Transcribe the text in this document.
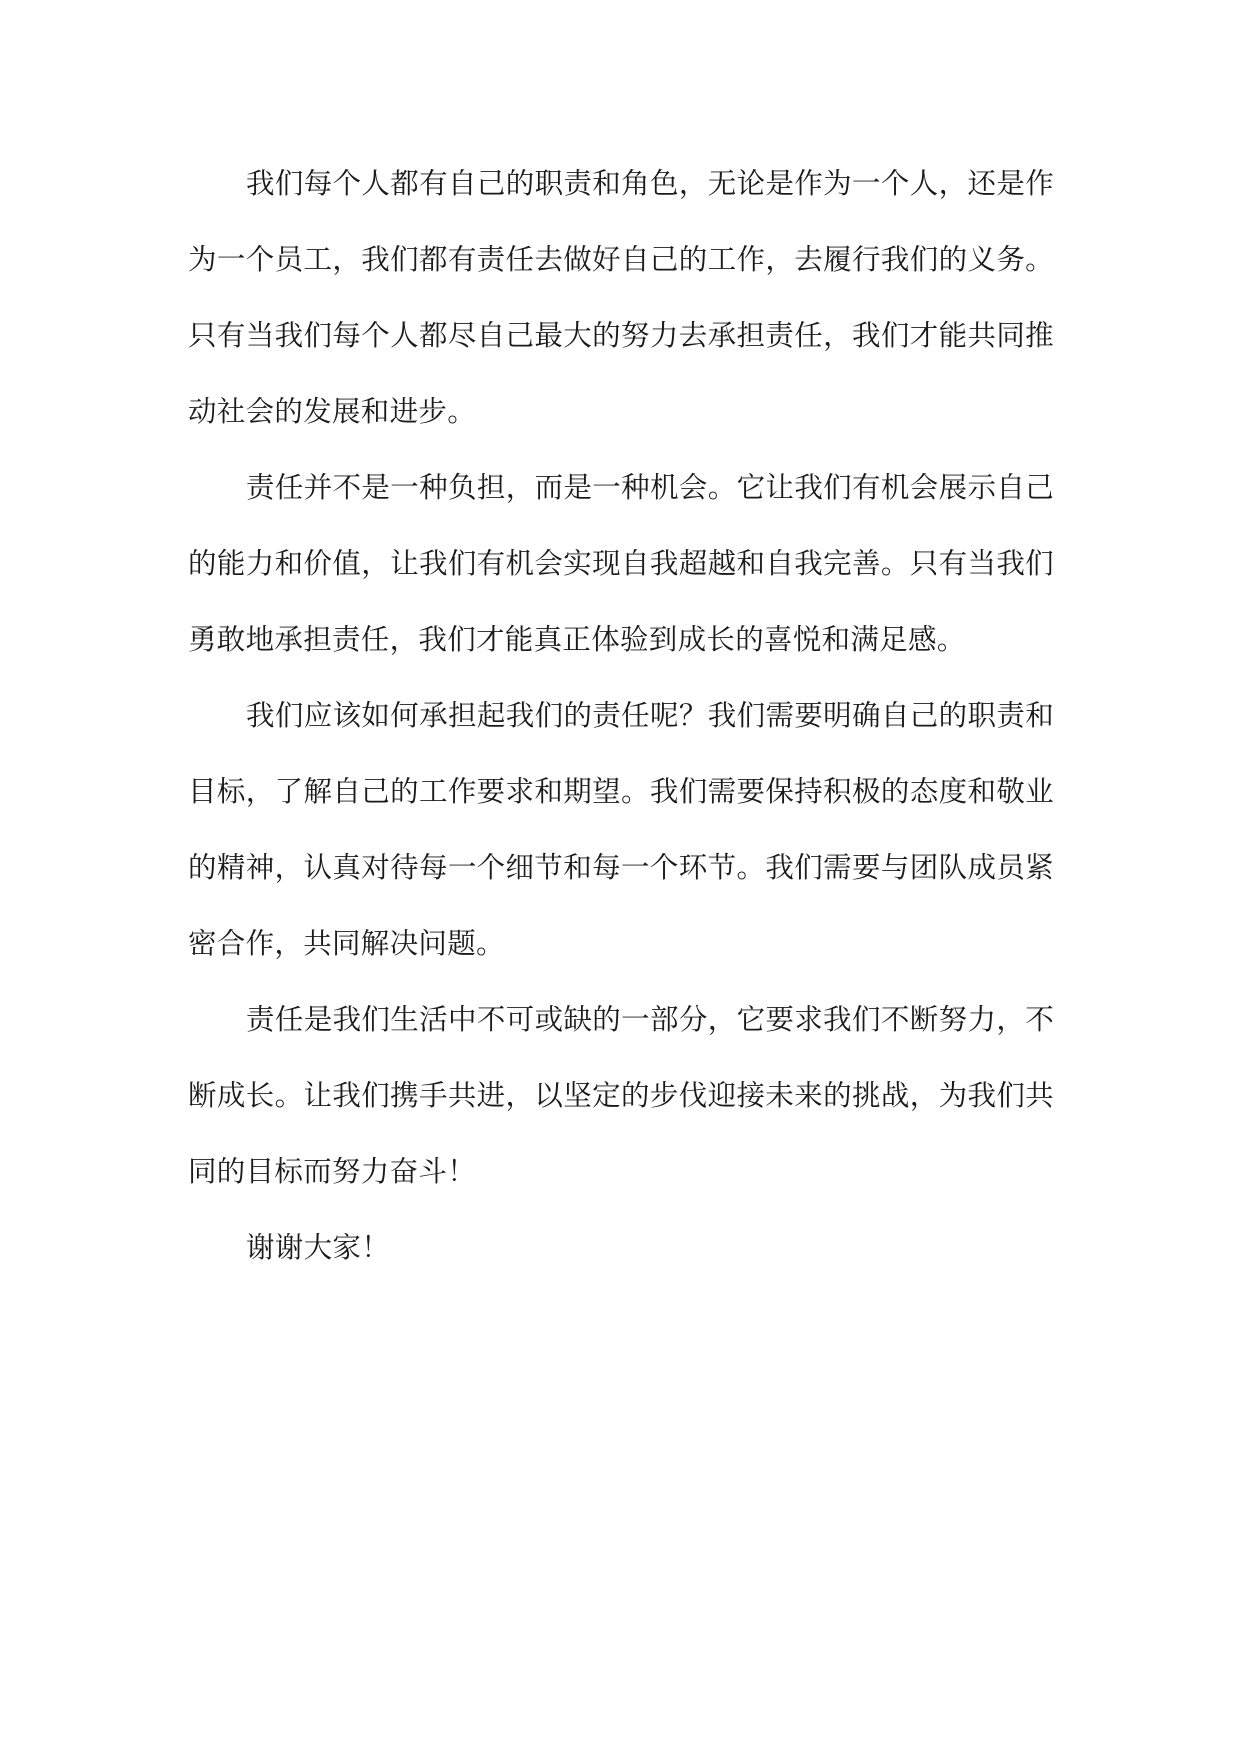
我们每个人都有自己的职责和角色，无论是作为一个人，还是作为一个员工，我们都有责任去做好自己的工作，去履行我们的义务。只有当我们每个人都尽自己最大的努力去承担责任，我们才能共同推动社会的发展和进步。

责任并不是一种负担，而是一种机会。它让我们有机会展示自己的能力和价值，让我们有机会实现自我超越和自我完善。只有当我们勇敢地承担责任，我们才能真正体验到成长的喜悦和满足感。

我们应该如何承担起我们的责任呢？我们需要明确自己的职责和目标，了解自己的工作要求和期望。我们需要保持积极的态度和敬业的精神，认真对待每一个细节和每一个环节。我们需要与团队成员紧密合作，共同解决问题。

责任是我们生活中不可或缺的一部分，它要求我们不断努力，不断成长。让我们携手共进，以坚定的步伐迎接未来的挑战，为我们共同的目标而努力奋斗！

谢谢大家！
